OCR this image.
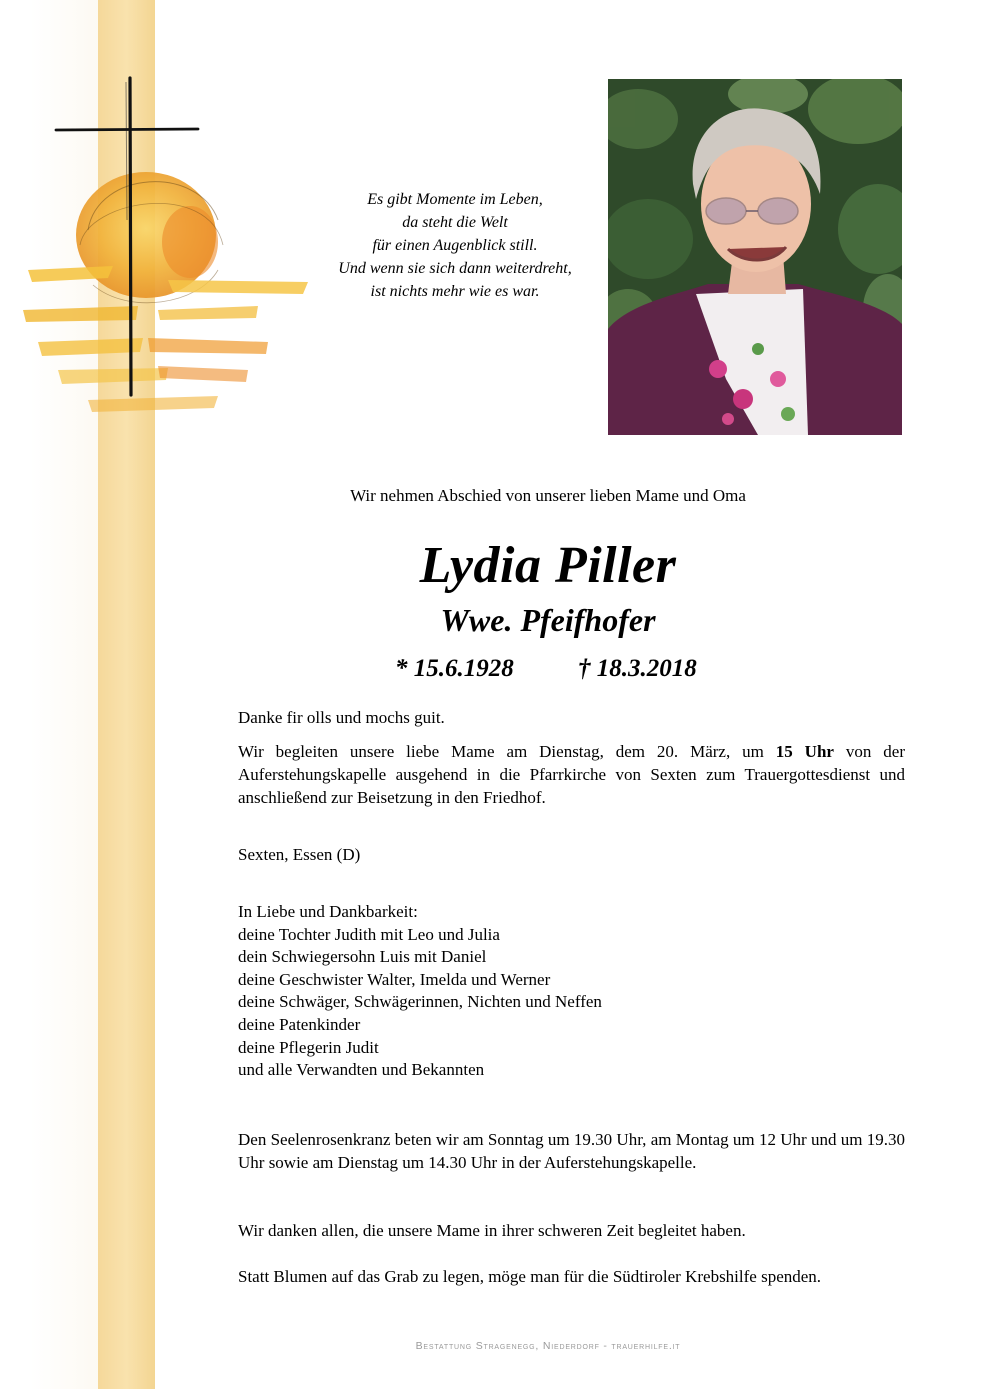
Es gibt Momente im Leben,
da steht die Welt
für einen Augenblick still.
Und wenn sie sich dann weiterdreht,
ist nichts mehr wie es war.
Wir nehmen Abschied von unserer lieben Mame und Oma
Lydia Piller
Wwe. Pfeifhofer
* 15.6.1928	† 18.3.2018
Danke fir olls und mochs guit.
Wir begleiten unsere liebe Mame am Dienstag, dem 20. März, um 15 Uhr von der Auferstehungskapelle ausgehend in die Pfarrkirche von Sexten zum Trauergottesdienst und anschließend zur Beisetzung in den Friedhof.
Sexten, Essen (D)
In Liebe und Dankbarkeit:
deine Tochter Judith mit Leo und Julia
dein Schwiegersohn Luis mit Daniel
deine Geschwister Walter, Imelda und Werner
deine Schwäger, Schwägerinnen, Nichten und Neffen
deine Patenkinder
deine Pflegerin Judit
und alle Verwandten und Bekannten
Den Seelenrosenkranz beten wir am Sonntag um 19.30 Uhr, am Montag um 12 Uhr und um 19.30 Uhr sowie am Dienstag um 14.30 Uhr in der Auferstehungskapelle.
Wir danken allen, die unsere Mame in ihrer schweren Zeit begleitet haben.
Statt Blumen auf das Grab zu legen, möge man für die Südtiroler Krebshilfe spenden.
Bestattung Stragenegg, Niederdorf - trauerhilfe.it
